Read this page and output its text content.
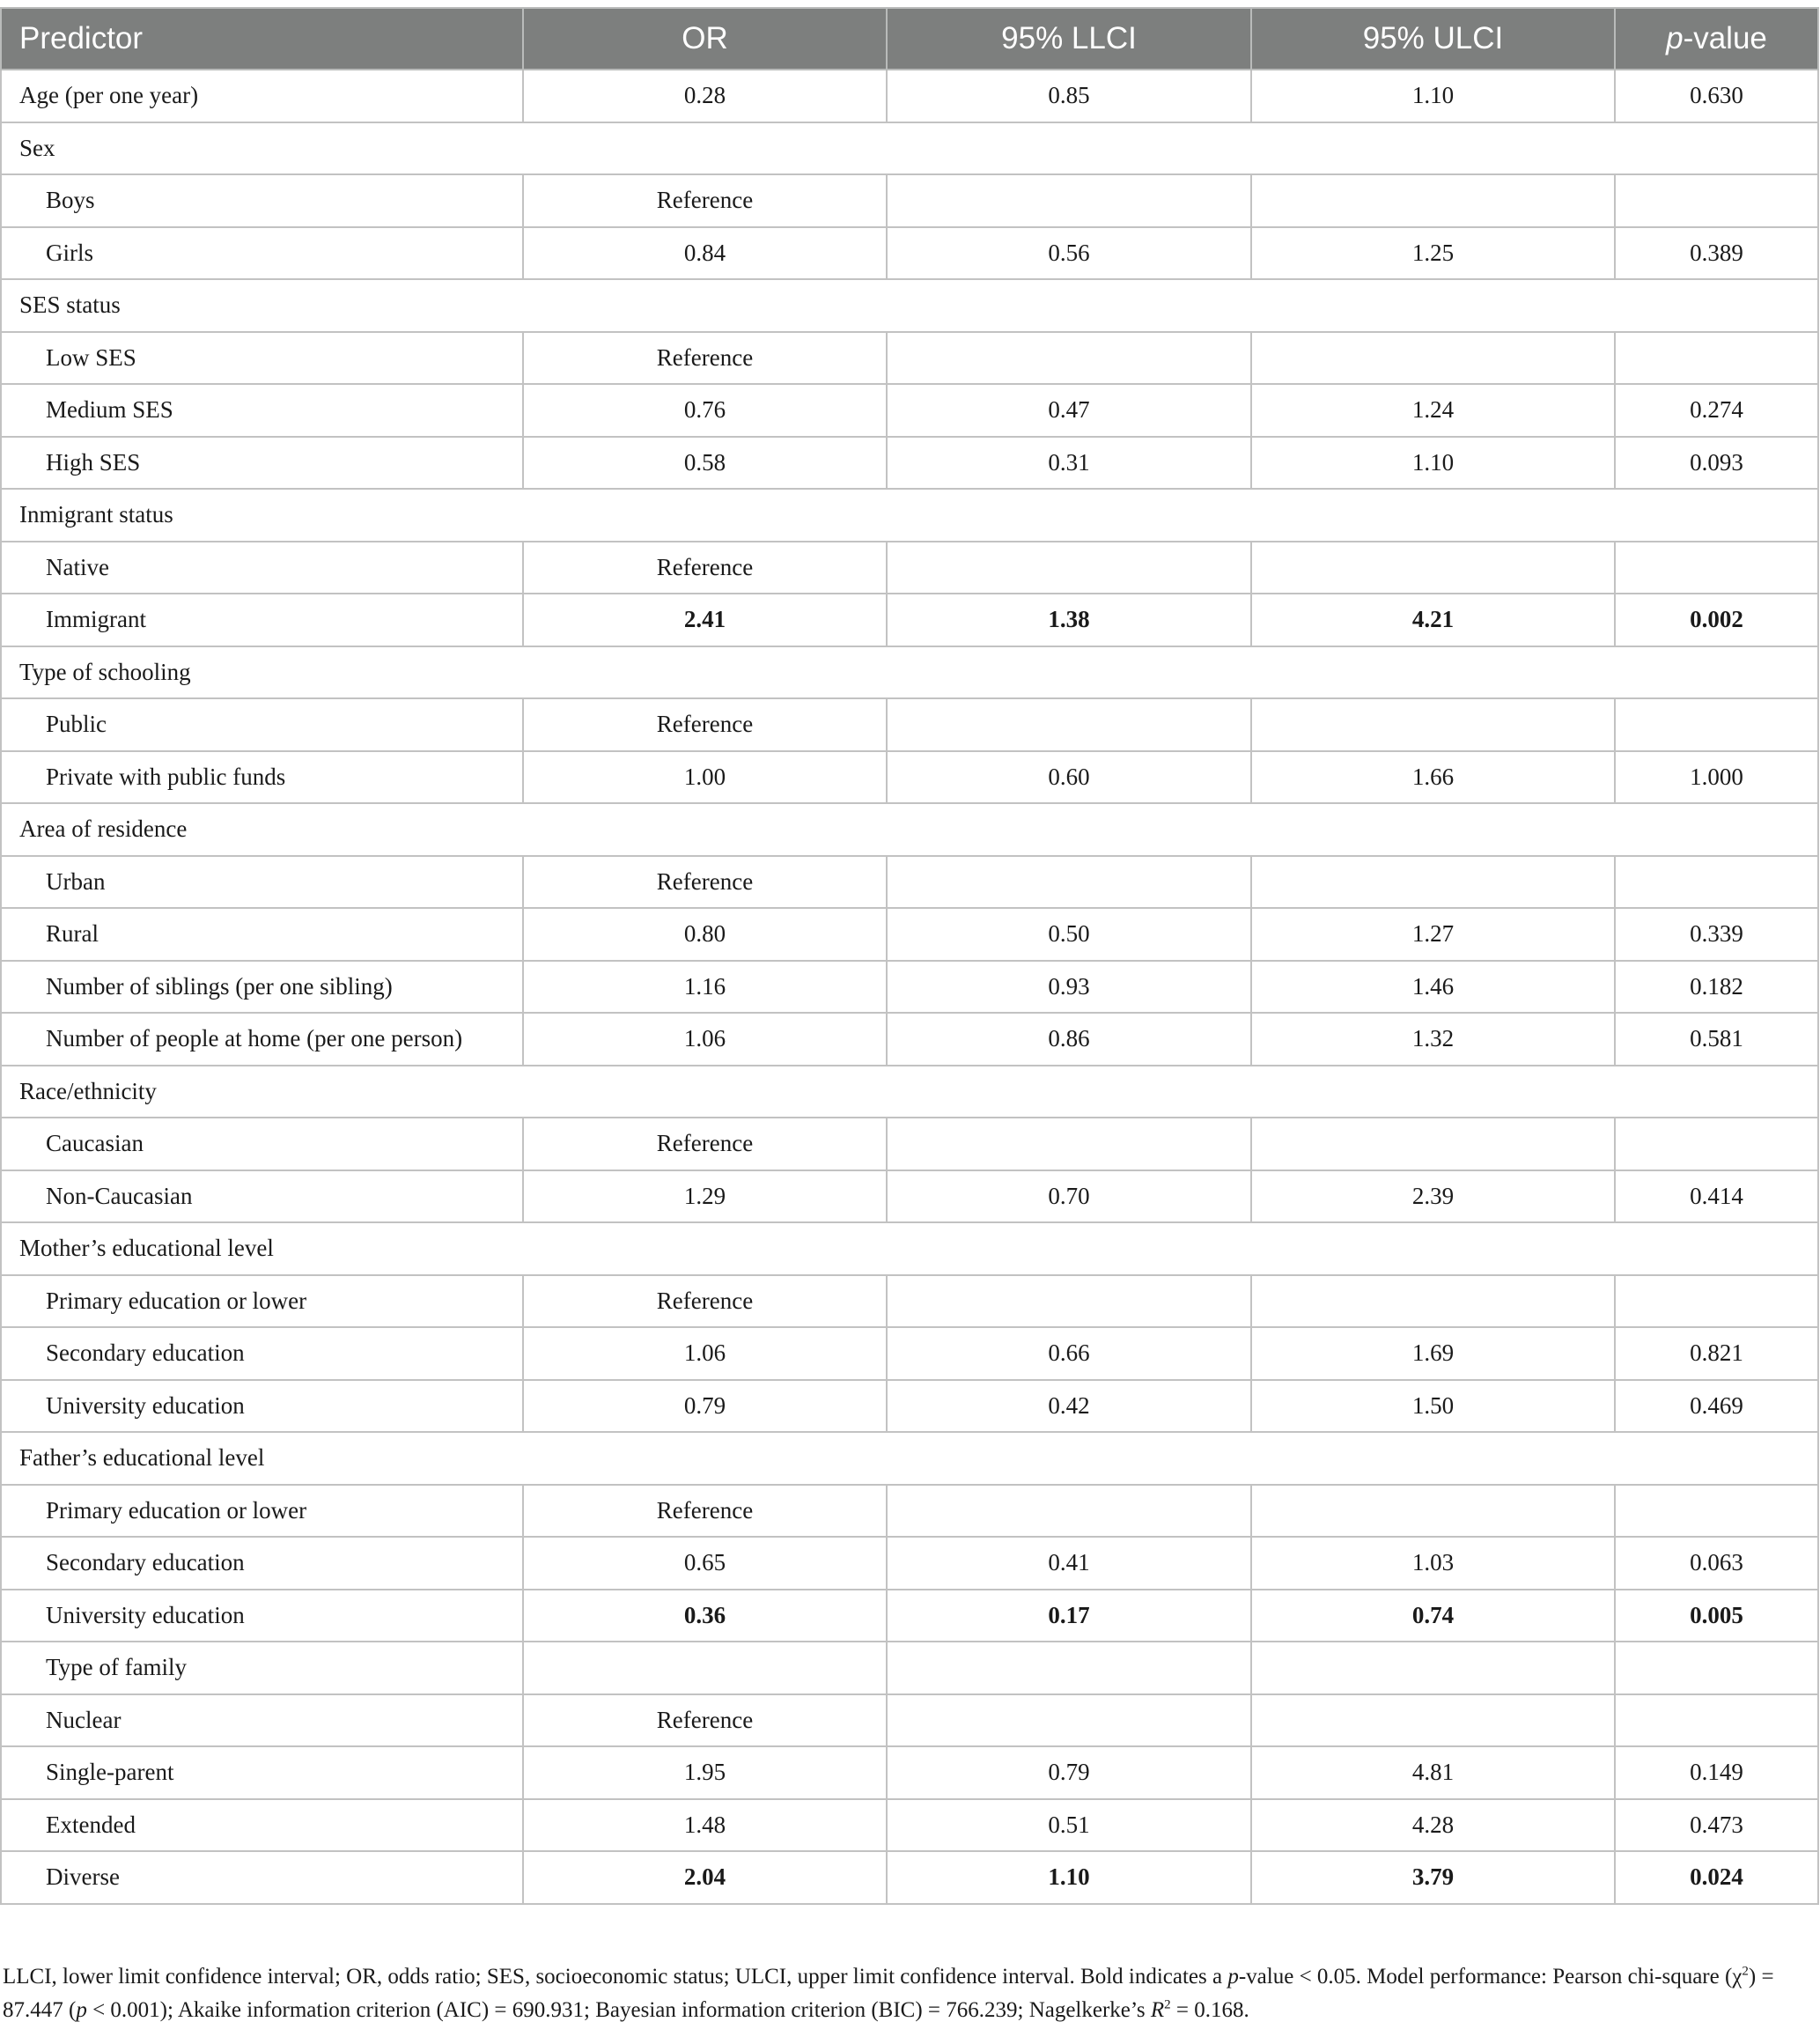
Predictor	OR	95% LLCI	95% ULCI	p-value
Age (per one year)	0.28	0.85	1.10	0.630
Sex				
Boys	Reference			
Girls	0.84	0.56	1.25	0.389
SES status				
Low SES	Reference			
Medium SES	0.76	0.47	1.24	0.274
High SES	0.58	0.31	1.10	0.093
Inmigrant status				
Native	Reference			
Immigrant	2.41	1.38	4.21	0.002
Type of schooling				
Public	Reference			
Private with public funds	1.00	0.60	1.66	1.000
Area of residence				
Urban	Reference			
Rural	0.80	0.50	1.27	0.339
Number of siblings (per one sibling)	1.16	0.93	1.46	0.182
Number of people at home (per one person)	1.06	0.86	1.32	0.581
Race/ethnicity				
Caucasian	Reference			
Non-Caucasian	1.29	0.70	2.39	0.414
Mother’s educational level				
Primary education or lower	Reference			
Secondary education	1.06	0.66	1.69	0.821
University education	0.79	0.42	1.50	0.469
Father’s educational level				
Primary education or lower	Reference			
Secondary education	0.65	0.41	1.03	0.063
University education	0.36	0.17	0.74	0.005
Type of family				
Nuclear	Reference			
Single-parent	1.95	0.79	4.81	0.149
Extended	1.48	0.51	4.28	0.473
Diverse	2.04	1.10	3.79	0.024
LLCI, lower limit confidence interval; OR, odds ratio; SES, socioeconomic status; ULCI, upper limit confidence interval. Bold indicates a p-value < 0.05. Model performance: Pearson chi-square $(\chi^2) = 87.447$ (p < 0.001); Akaike information criterion (AIC) = 690.931; Bayesian information criterion (BIC) = 766.239; Nagelkerke’s $R^2 = 0.168$.
